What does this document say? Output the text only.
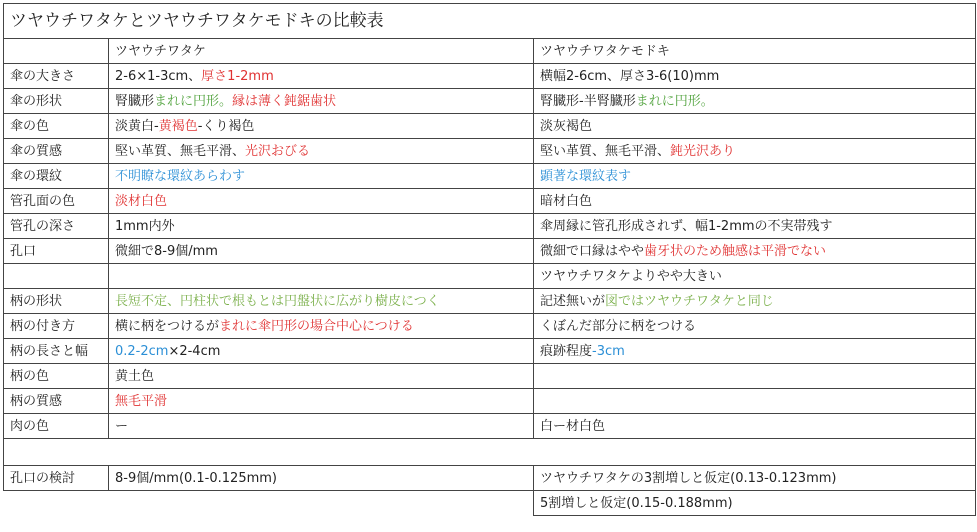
ツヤウチワタケとツヤウチワタケモドキの比較表		
	ツヤウチワタケ	ツヤウチワタケモドキ
傘の大きさ	2-6×1-3cm、厚さ1-2mm	横幅2-6cm、厚さ3-6(10)mm
傘の形状	腎臓形まれに円形。縁は薄く鈍鋸歯状	腎臓形-半腎臓形まれに円形。
傘の色	淡黄白-黄褐色-くり褐色	淡灰褐色
傘の質感	堅い革質、無毛平滑、光沢おびる	堅い革質、無毛平滑、鈍光沢あり
傘の環紋	不明瞭な環紋あらわす	顕著な環紋表す
管孔面の色	淡材白色	暗材白色
管孔の深さ	1mm内外	傘周縁に管孔形成されず、幅1-2mmの不実帯残す
孔口	微細で8-9個/mm	微細で口縁はやや歯牙状のため触感は平滑でない
		ツヤウチワタケよりやや大きい
柄の形状	長短不定、円柱状で根もとは円盤状に広がり樹皮につく	記述無いが図ではツヤウチワタケと同じ
柄の付き方	横に柄をつけるがまれに傘円形の場合中心につける	くぼんだ部分に柄をつける
柄の長さと幅	0.2-2cm×2-4cm	痕跡程度-3cm
柄の色	黄土色	
柄の質感	無毛平滑	
肉の色	ー	白ー材白色

孔口の検討	8-9個/mm(0.1-0.125mm)	ツヤウチワタケの3割増しと仮定(0.13-0.123mm)
		5割増しと仮定(0.15-0.188mm)
